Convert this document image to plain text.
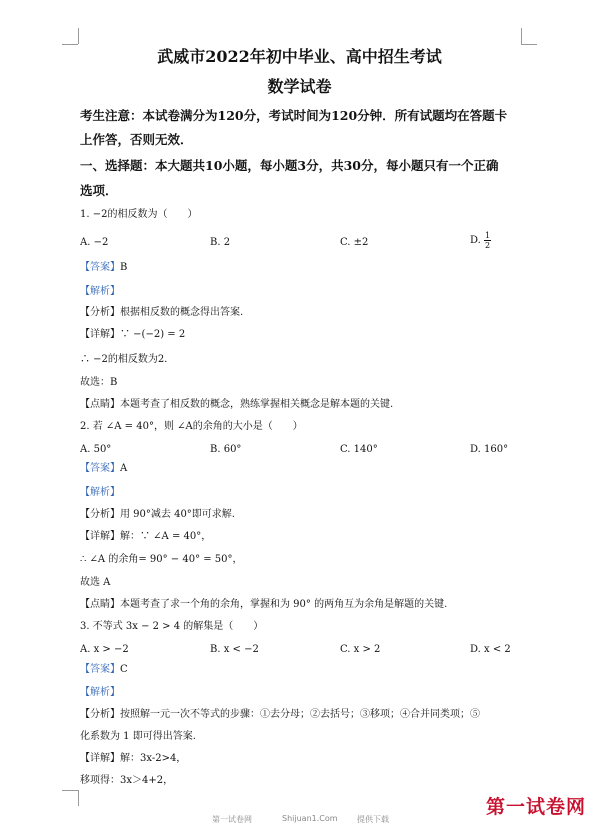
武威市2022年初中毕业、高中招生考试
数学试卷
考生注意：本试卷满分为120分，考试时间为120分钟．所有试题均在答题卡
上作答，否则无效．
一、选择题：本大题共10小题，每小题3分，共30分，每小题只有一个正确
选项．
1. −2的相反数为（　　）
A. −2	B. 2	C. ±2	D. $\frac{1}{2}$
【答案】B
【解析】
【分析】根据相反数的概念得出答案.
【详解】∵ −(−2) = 2
∴ −2的相反数为2．
故选：B
【点睛】本题考查了相反数的概念，熟练掌握相关概念是解本题的关键.
2. 若 ∠A = 40°，则 ∠A的余角的大小是（　　）
A. 50°	B. 60°	C. 140°	D. 160°
【答案】A
【解析】
【分析】用 90°减去 40°即可求解.
【详解】解：∵ ∠A = 40°，
∴ ∠A 的余角= 90° − 40° = 50°，
故选 A
【点睛】本题考查了求一个角的余角，掌握和为 90° 的两角互为余角是解题的关键.
3. 不等式 3x − 2 > 4 的解集是（　　）
A. x > −2	B. x < −2	C. x > 2	D. x < 2
【答案】C
【解析】
【分析】按照解一元一次不等式的步骤：①去分母；②去括号；③移项；④合并同类项；⑤
化系数为 1 即可得出答案.
【详解】解：3x-2>4，
移项得：3x＞4+2，
第一试卷网	Shijuan1.Com 提供下载
第一试卷网
